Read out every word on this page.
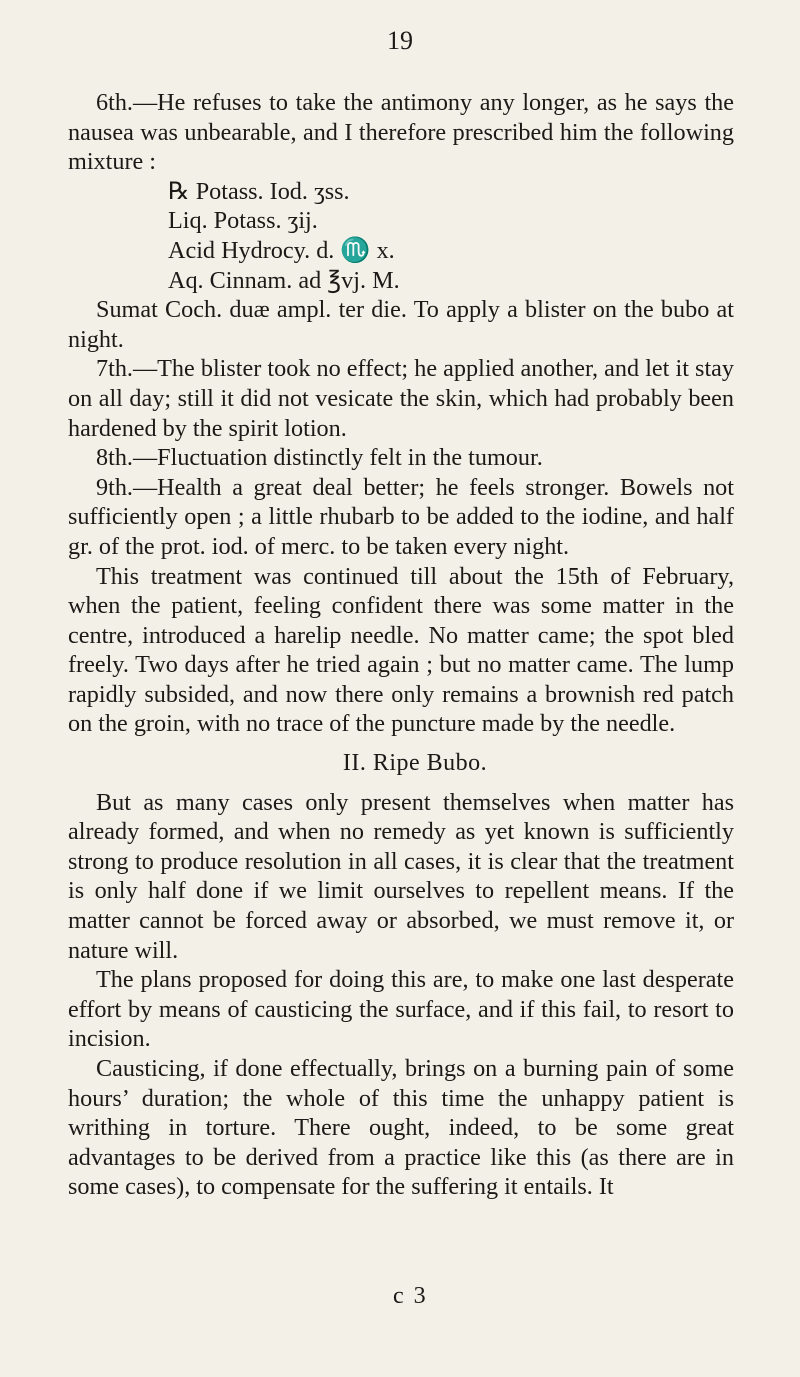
19

6th.—He refuses to take the antimony any longer, as he says the nausea was unbearable, and I therefore prescribed him the following mixture :

℞ Potass. Iod. ʒss.
Liq. Potass. ʒij.
Acid Hydrocy. d. ♏ x.
Aq. Cinnam. ad ℥vj. M.

Sumat Coch. duæ ampl. ter die. To apply a blister on the bubo at night.

7th.—The blister took no effect; he applied another, and let it stay on all day; still it did not vesicate the skin, which had probably been hardened by the spirit lotion.

8th.—Fluctuation distinctly felt in the tumour.

9th.—Health a great deal better; he feels stronger. Bowels not sufficiently open ; a little rhubarb to be added to the iodine, and half gr. of the prot. iod. of merc. to be taken every night.

This treatment was continued till about the 15th of February, when the patient, feeling confident there was some matter in the centre, introduced a harelip needle. No matter came; the spot bled freely. Two days after he tried again ; but no matter came. The lump rapidly subsided, and now there only remains a brownish red patch on the groin, with no trace of the puncture made by the needle.

II. Ripe Bubo.

But as many cases only present themselves when matter has already formed, and when no remedy as yet known is sufficiently strong to produce resolution in all cases, it is clear that the treatment is only half done if we limit ourselves to repellent means. If the matter cannot be forced away or absorbed, we must remove it, or nature will.

The plans proposed for doing this are, to make one last desperate effort by means of causticing the surface, and if this fail, to resort to incision.

Causticing, if done effectually, brings on a burning pain of some hours’ duration; the whole of this time the unhappy patient is writhing in torture. There ought, indeed, to be some great advantages to be derived from a practice like this (as there are in some cases), to compensate for the suffering it entails. It

c 3
